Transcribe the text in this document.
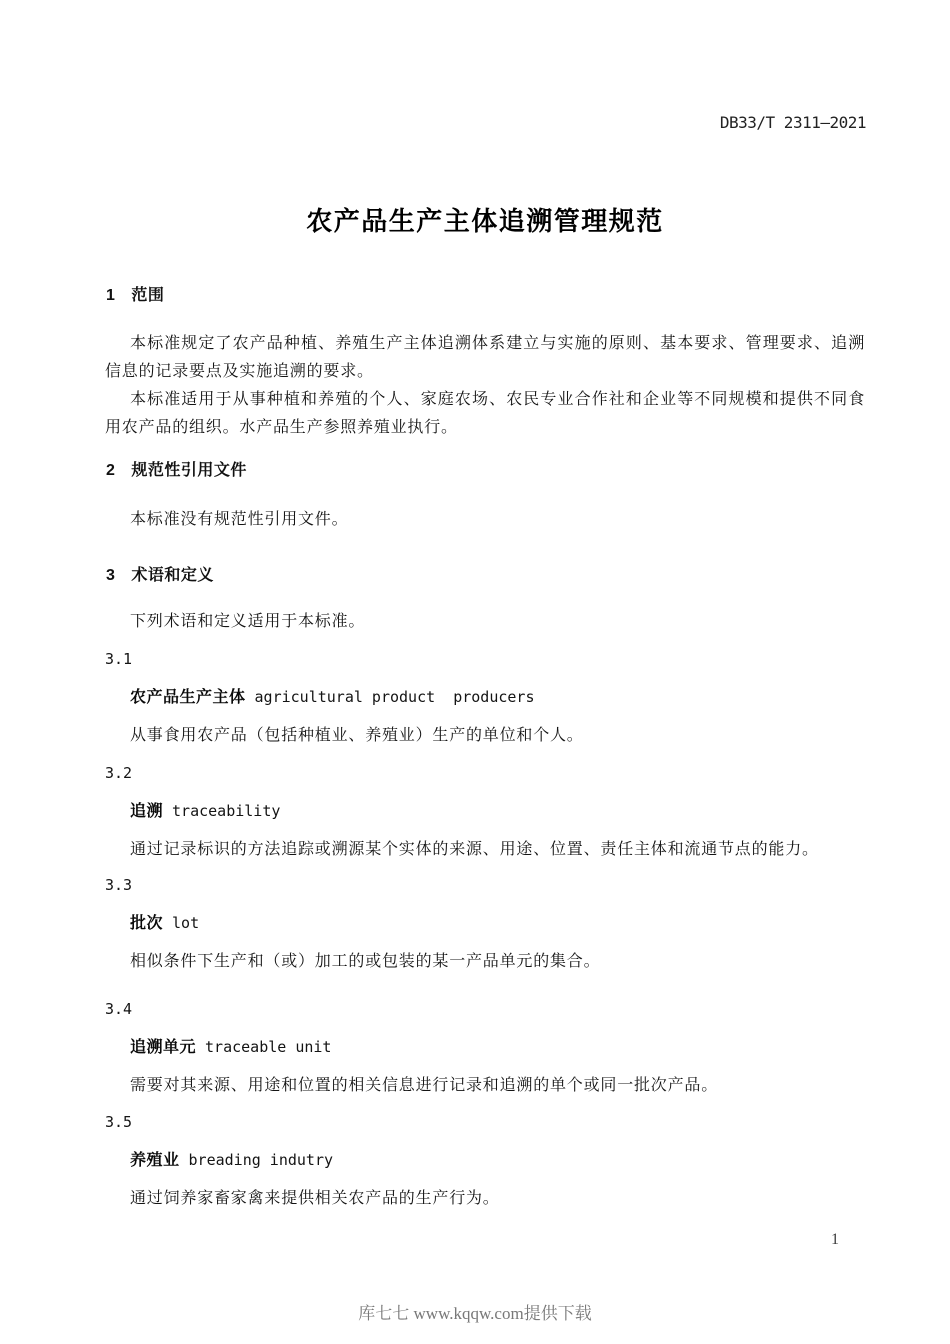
DB33/T 2311—2021
农产品生产主体追溯管理规范
1 范围

本标准规定了农产品种植、养殖生产主体追溯体系建立与实施的原则、基本要求、管理要求、追溯信息的记录要点及实施追溯的要求。

本标准适用于从事种植和养殖的个人、家庭农场、农民专业合作社和企业等不同规模和提供不同食用农产品的组织。水产品生产参照养殖业执行。

2 规范性引用文件

本标准没有规范性引用文件。

3 术语和定义

下列术语和定义适用于本标准。

3.1
农产品生产主体 agricultural product  producers
从事食用农产品（包括种植业、养殖业）生产的单位和个人。
3.2
追溯 traceability
通过记录标识的方法追踪或溯源某个实体的来源、用途、位置、责任主体和流通节点的能力。
3.3
批次 lot
相似条件下生产和（或）加工的或包装的某一产品单元的集合。
3.4
追溯单元 traceable unit
需要对其来源、用途和位置的相关信息进行记录和追溯的单个或同一批次产品。
3.5
养殖业 breading indutry
通过饲养家畜家禽来提供相关农产品的生产行为。
1
库七七 www.kqqw.com提供下载
